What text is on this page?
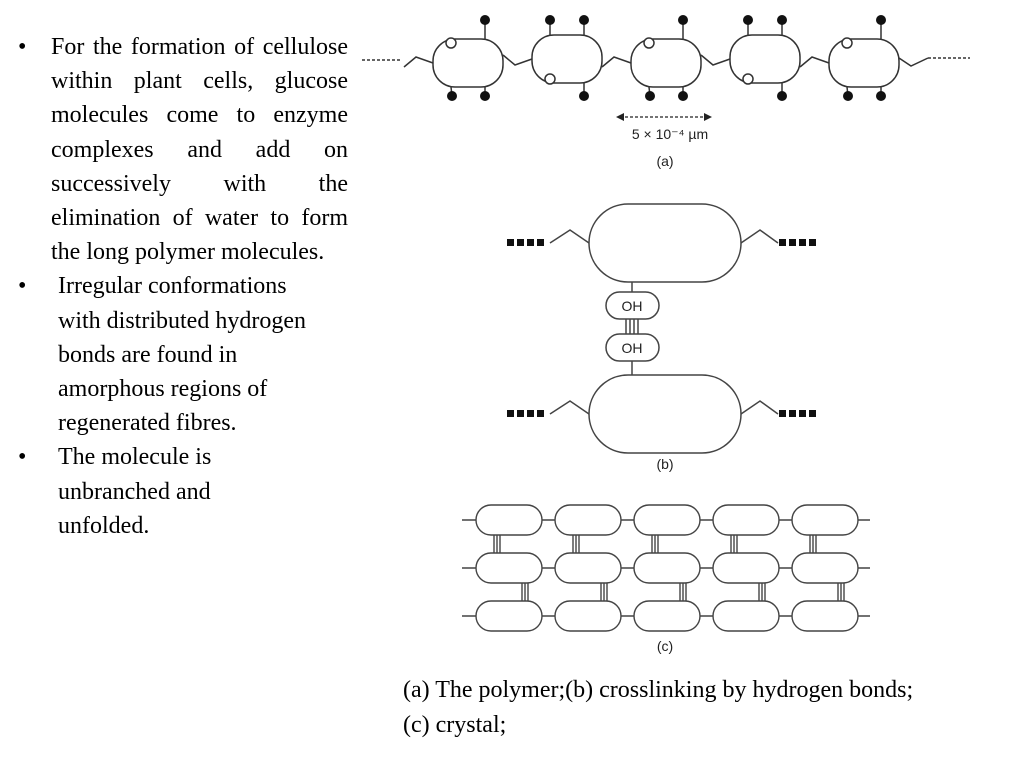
• For the formation of cellulose within plant cells, glucose molecules come to enzyme complexes and add on successively with the elimination of water to form the long polymer molecules.
• Irregular conformations with distributed hydrogen bonds are found in amorphous regions of regenerated fibres.
• The molecule is unbranched and unfolded.
5 × 10⁻⁴ µm
(a)
OH
OH
(b)
(c)
(a) The polymer;(b) crosslinking by hydrogen bonds; (c) crystal;
